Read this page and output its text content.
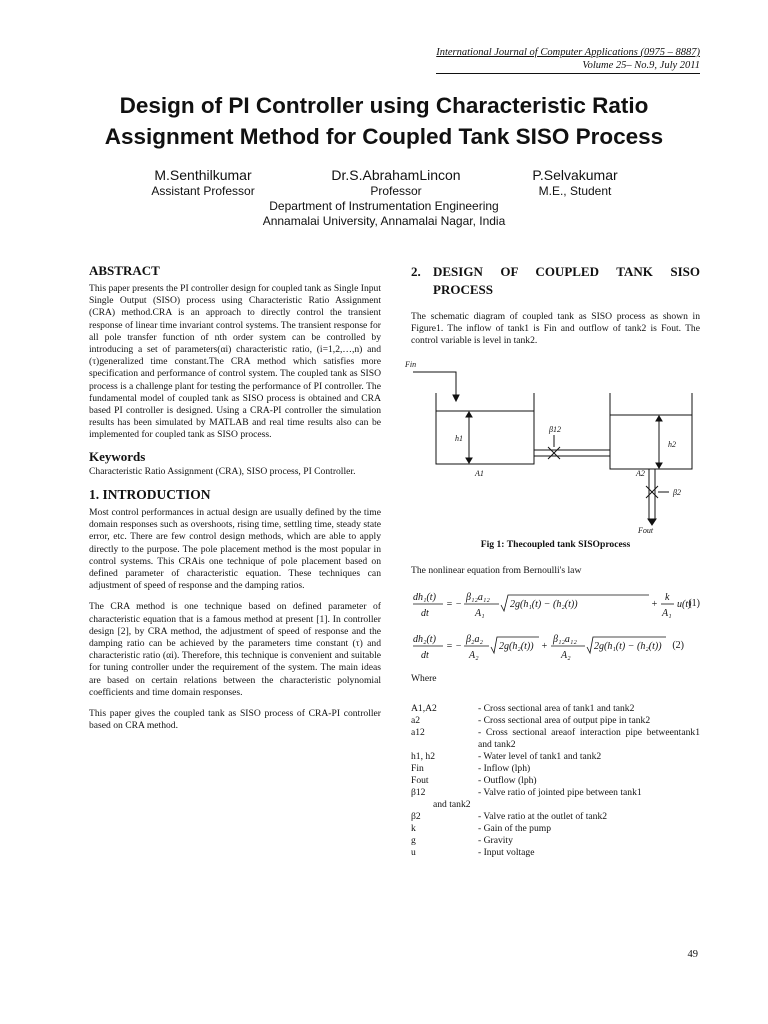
International Journal of Computer Applications (0975 – 8887)
Volume 25– No.9, July 2011
Design of PI Controller using Characteristic Ratio Assignment Method for Coupled Tank SISO Process
M.Senthilkumar
Assistant Professor
Dr.S.AbrahamLincon
Professor
P.Selvakumar
M.E., Student
Department of Instrumentation Engineering
Annamalai University, Annamalai Nagar, India
ABSTRACT

This paper presents the PI controller design for coupled tank as Single Input Single Output (SISO) process using Characteristic Ratio Assignment (CRA) method.CRA is an approach to directly control the transient response of linear time invariant control systems. The transient response for all pole transfer function of nth order system can be controlled by introducing a set of parameters(αi) characteristic ratio, (i=1,2,…,n) and (τ)generalized time constant.The CRA method which satisfies more specification and performance of control system. The coupled tank as SISO process is a challenge plant for testing the performance of PI controller. The fundamental model of coupled tank as SISO process is obtained and CRA based PI controller is designed. Using a CRA-PI controller the simulation results has been simulated by MATLAB and real time results also can be implemented for coupled tank as SISO process.

Keywords

Characteristic Ratio Assignment (CRA), SISO process, PI Controller.

1. INTRODUCTION

Most control performances in actual design are usually defined by the time domain responses such as overshoots, rising time, settling time, steady state error, etc. There are few control design methods, which are able to apply directly to the purpose. The pole placement method is the most popular in control systems. This CRAis one technique of pole placement based on defined parameter of characteristic equation. These techniques can adjustment of speed of response and the damping ratios.

The CRA method is one technique based on defined parameter of characteristic equation that is a famous method at present [1]. In controller design [2], by CRA method, the adjustment of speed of response and the damping ratio can be achieved by the parameters time constant (τ) and characteristic ratio (αi). Therefore, this technique is convenient and suitable for tuning controller under the requirement of the system. The main ideas are based on certain relations between the characteristic polynomial coefficients and time domain responses.

This paper gives the coupled tank as SISO process of CRA-PI controller based on CRA method.

2. DESIGN OF COUPLED TANK SISO PROCESS

The schematic diagram of coupled tank as SISO process as shown in Figure1. The inflow of tank1 is Fin and outflow of tank2 is Fout. The control variable is level in tank2.

Fin
h1
β12
A1	A2
h2
β2
Fout
Fig 1: Thecoupled tank SISOprocess

The nonlinear equation from Bernoulli's law

dh₁(t)
dt
= −
β₁₂a₁₂
A₁
2g(h₁(t) − (h₂(t))	+
k
A₁
u(t)
(1)
dh₂(t)
dt
= −
β₂a₂
A₂
2g(h₂(t)) +
β₁₂a₁₂
A₂
2g(h₁(t) − (h₂(t)) (2)

Where

A1,A2	- Cross sectional area of tank1 and tank2
a2	- Cross sectional area of output pipe in tank2
a12	- Cross sectional areaof interaction pipe betweentank1 and tank2
h1, h2	- Water level of tank1 and tank2
Fin	- Inflow (lph)
Fout	- Outflow (lph)
β12	- Valve ratio of jointed pipe between tank1
and tank2
β2	- Valve ratio at the outlet of tank2
k	- Gain of the pump
g	- Gravity
u	- Input voltage
49
